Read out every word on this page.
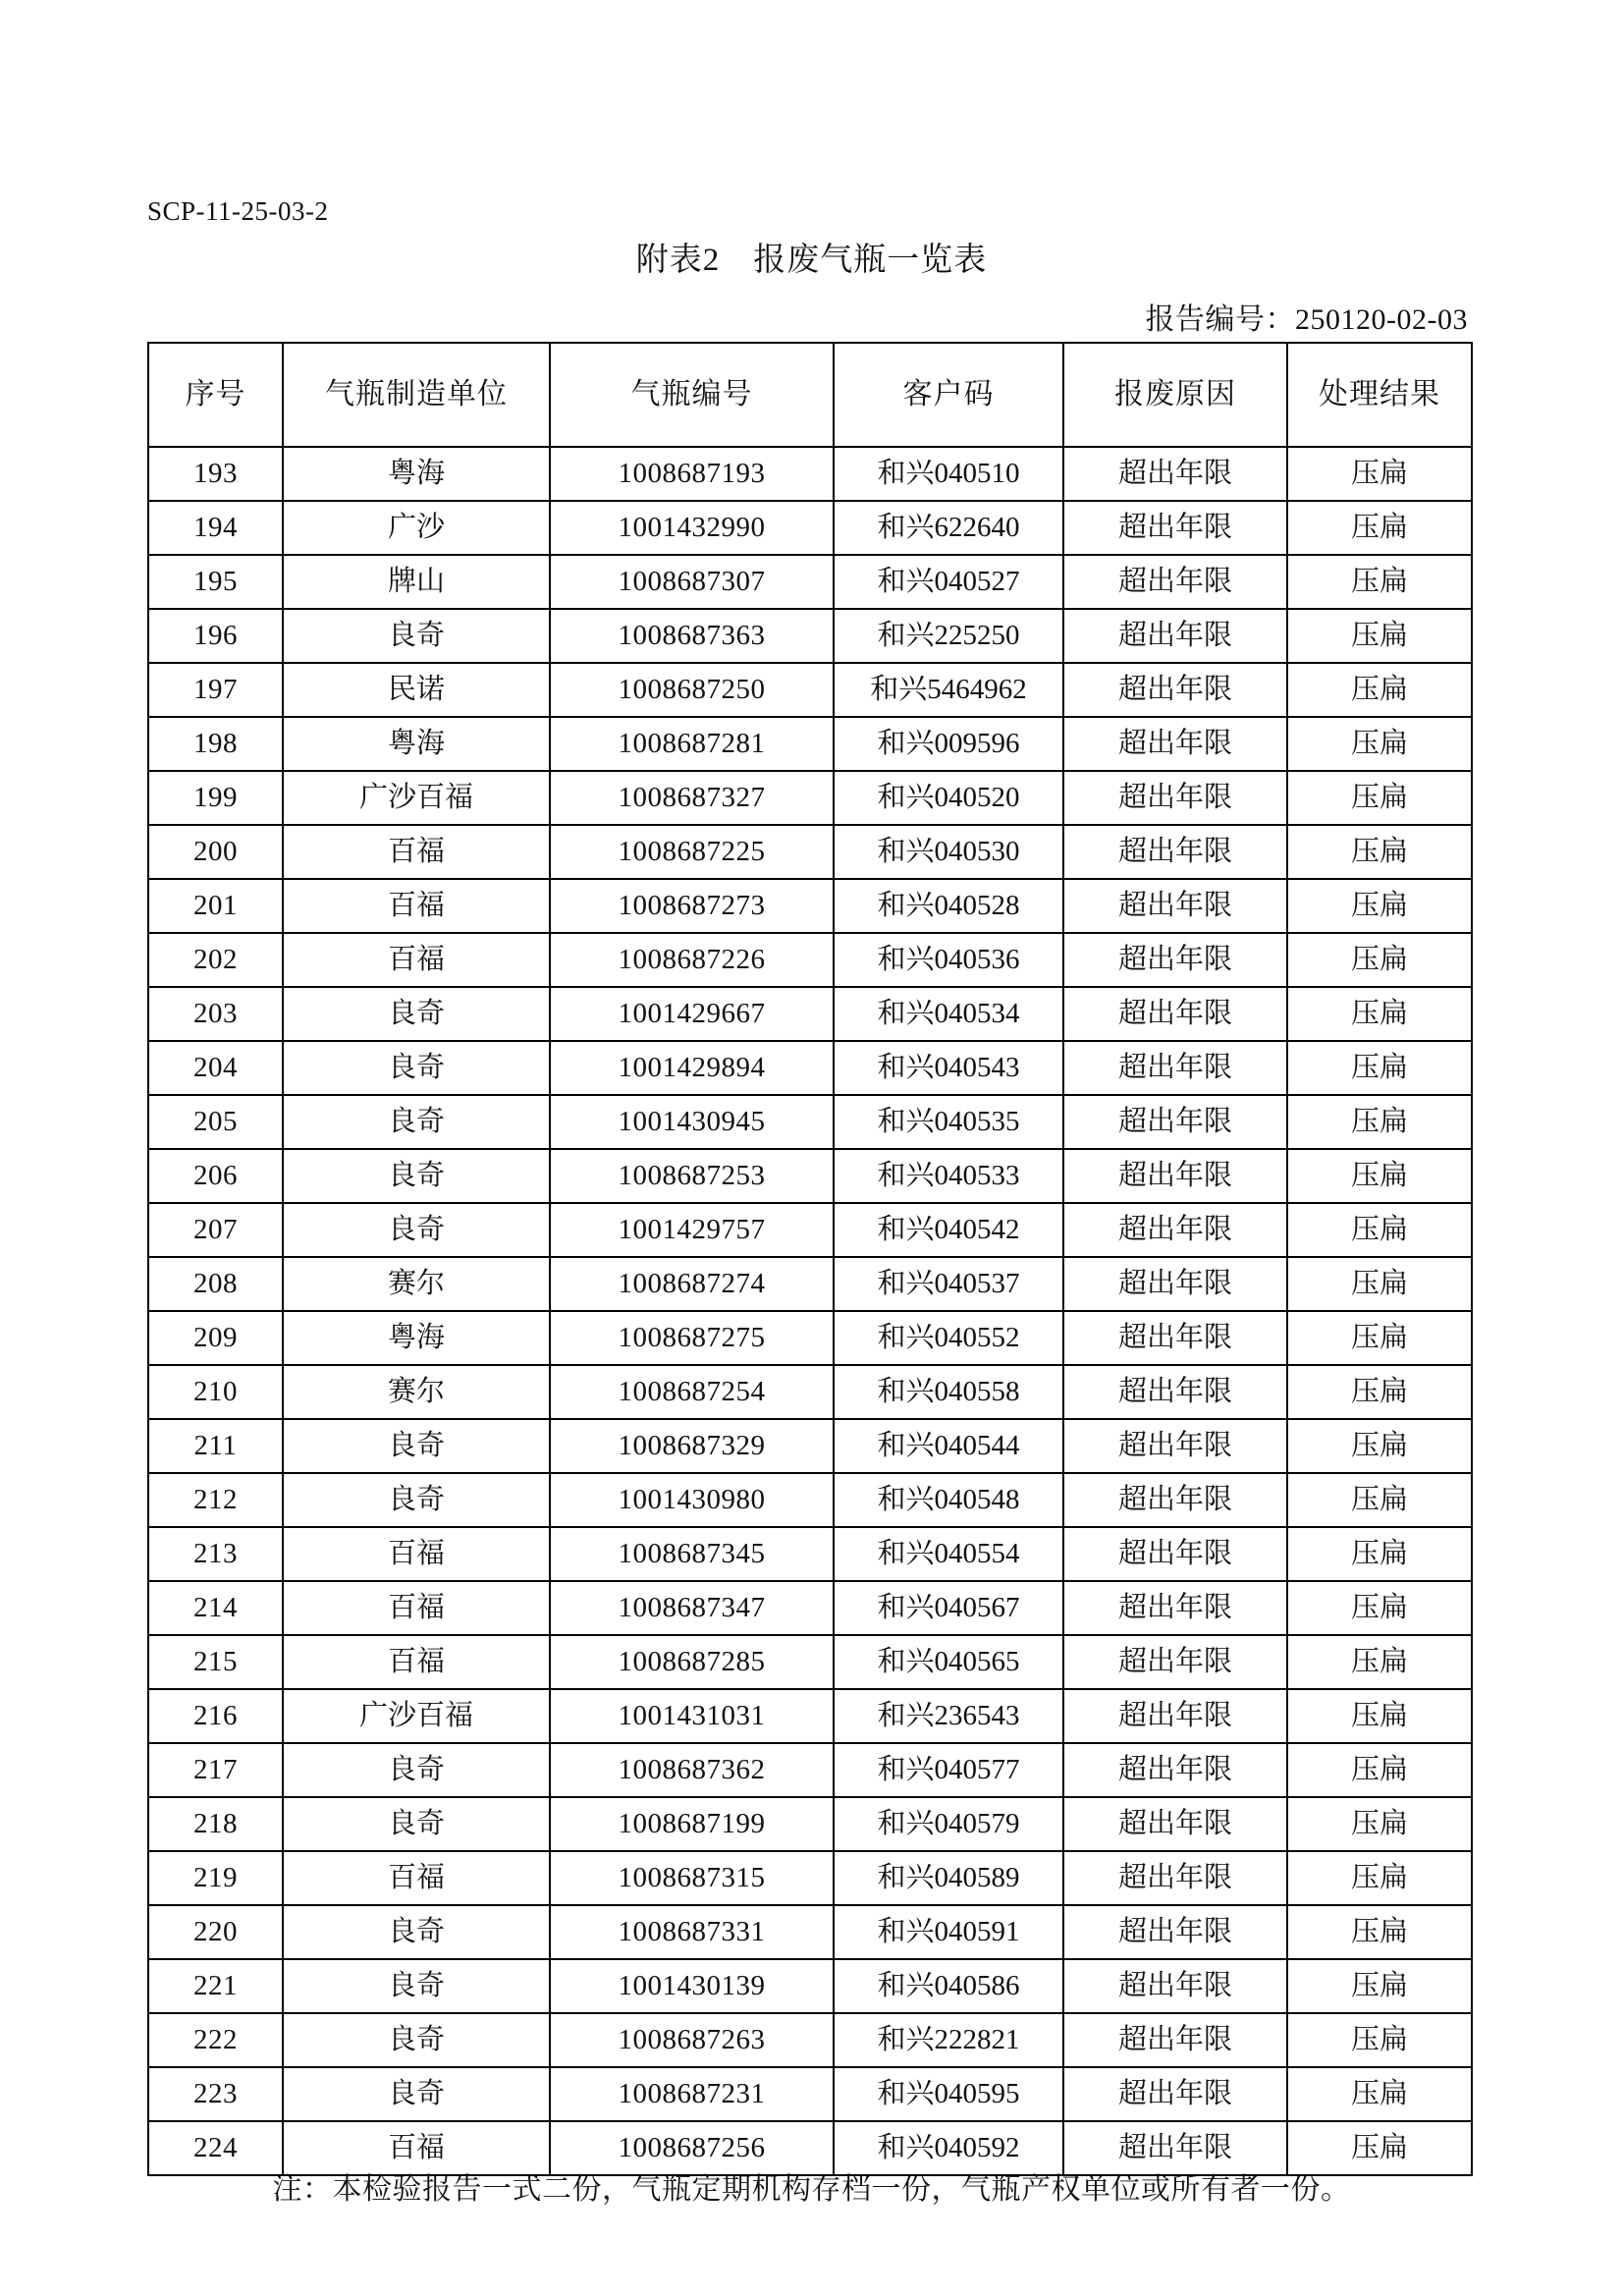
SCP-11-25-03-2
附表2　报废气瓶一览表
报告编号：250120-02-03
序号	气瓶制造单位	气瓶编号	客户码	报废原因	处理结果
193	粤海	1008687193	和兴040510	超出年限	压扁
194	广沙	1001432990	和兴622640	超出年限	压扁
195	牌山	1008687307	和兴040527	超出年限	压扁
196	良奇	1008687363	和兴225250	超出年限	压扁
197	民诺	1008687250	和兴5464962	超出年限	压扁
198	粤海	1008687281	和兴009596	超出年限	压扁
199	广沙百福	1008687327	和兴040520	超出年限	压扁
200	百福	1008687225	和兴040530	超出年限	压扁
201	百福	1008687273	和兴040528	超出年限	压扁
202	百福	1008687226	和兴040536	超出年限	压扁
203	良奇	1001429667	和兴040534	超出年限	压扁
204	良奇	1001429894	和兴040543	超出年限	压扁
205	良奇	1001430945	和兴040535	超出年限	压扁
206	良奇	1008687253	和兴040533	超出年限	压扁
207	良奇	1001429757	和兴040542	超出年限	压扁
208	赛尔	1008687274	和兴040537	超出年限	压扁
209	粤海	1008687275	和兴040552	超出年限	压扁
210	赛尔	1008687254	和兴040558	超出年限	压扁
211	良奇	1008687329	和兴040544	超出年限	压扁
212	良奇	1001430980	和兴040548	超出年限	压扁
213	百福	1008687345	和兴040554	超出年限	压扁
214	百福	1008687347	和兴040567	超出年限	压扁
215	百福	1008687285	和兴040565	超出年限	压扁
216	广沙百福	1001431031	和兴236543	超出年限	压扁
217	良奇	1008687362	和兴040577	超出年限	压扁
218	良奇	1008687199	和兴040579	超出年限	压扁
219	百福	1008687315	和兴040589	超出年限	压扁
220	良奇	1008687331	和兴040591	超出年限	压扁
221	良奇	1001430139	和兴040586	超出年限	压扁
222	良奇	1008687263	和兴222821	超出年限	压扁
223	良奇	1008687231	和兴040595	超出年限	压扁
224	百福	1008687256	和兴040592	超出年限	压扁
注：本检验报告一式二份，气瓶定期机构存档一份，气瓶产权单位或所有者一份。
